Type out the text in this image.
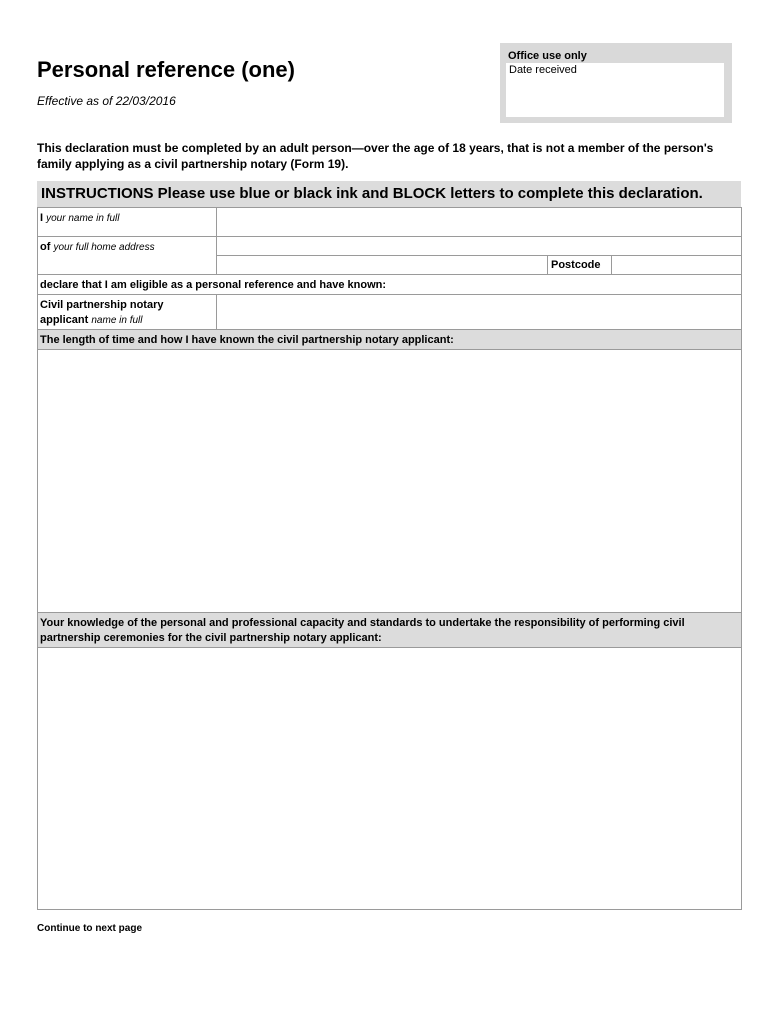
Personal reference (one)
Effective as of 22/03/2016
Office use only
Date received
This declaration must be completed by an adult person—over the age of 18 years, that is not a member of the person's family applying as a civil partnership notary (Form 19).
INSTRUCTIONS Please use blue or black ink and BLOCK letters to complete this declaration.
I your name in full
of your full home address
Postcode
declare that I am eligible as a personal reference and have known:
Civil partnership notary
applicant name in full
The length of time and how I have known the civil partnership notary applicant:
Your knowledge of the personal and professional capacity and standards to undertake the responsibility of performing civil partnership ceremonies for the civil partnership notary applicant:
Continue to next page
